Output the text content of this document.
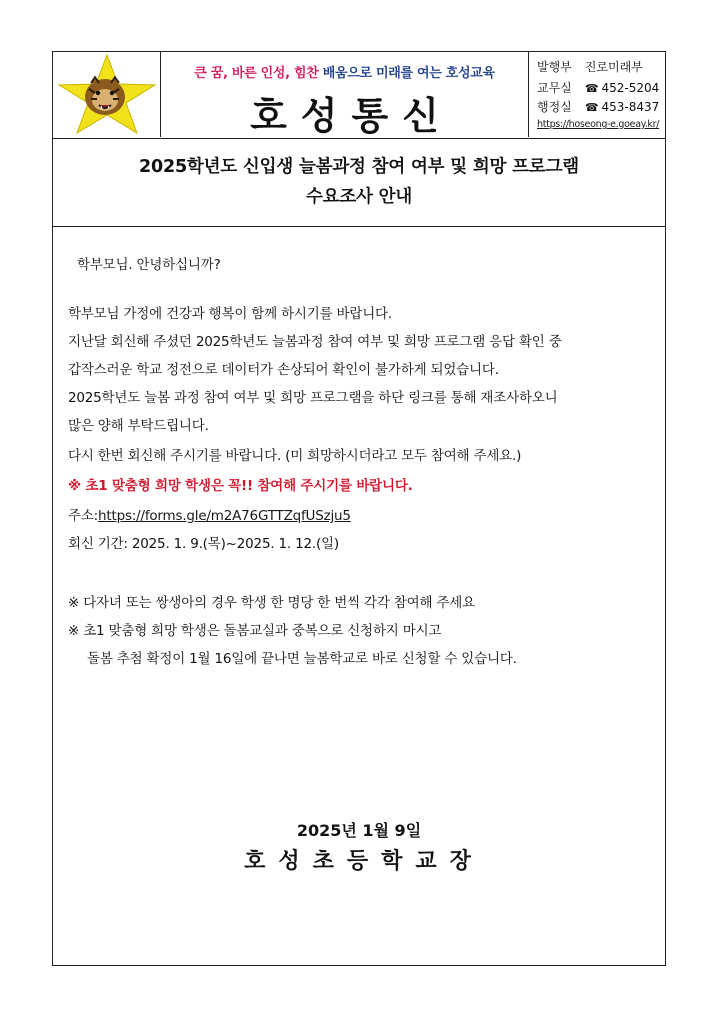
큰 꿈, 바른 인성, 힘찬 배움으로 미래를 여는 호성교육
호성통신
발행부 진로미래부
교무실 ☎ 452-5204
행정실 ☎ 453-8437
https://hoseong-e.goeay.kr/
2025학년도 신입생 늘봄과정 참여 여부 및 희망 프로그램
수요조사 안내
학부모님. 안녕하십니까?
학부모님 가정에 건강과 행복이 함께 하시기를 바랍니다.
지난달 회신해 주셨던 2025학년도 늘봄과정 참여 여부 및 희망 프로그램 응답 확인 중
갑작스러운 학교 정전으로 데이터가 손상되어 확인이 불가하게 되었습니다.
2025학년도 늘봄 과정 참여 여부 및 희망 프로그램을 하단 링크를 통해 재조사하오니
많은 양해 부탁드립니다.
다시 한번 회신해 주시기를 바랍니다. (미 희망하시더라고 모두 참여해 주세요.)
※ 초1 맞춤형 희망 학생은 꼭!! 참여해 주시기를 바랍니다.
주소:https://forms.gle/m2A76GTTZqfUSzju5
회신 기간: 2025. 1. 9.(목)~2025. 1. 12.(일)
※ 다자녀 또는 쌍생아의 경우 학생 한 명당 한 번씩 각각 참여해 주세요
※ 초1 맞춤형 희망 학생은 돌봄교실과 중복으로 신청하지 마시고
돌봄 추첨 확정이 1월 16일에 끝나면 늘봄학교로 바로 신청할 수 있습니다.
2025년 1월 9일
호성초등학교장
